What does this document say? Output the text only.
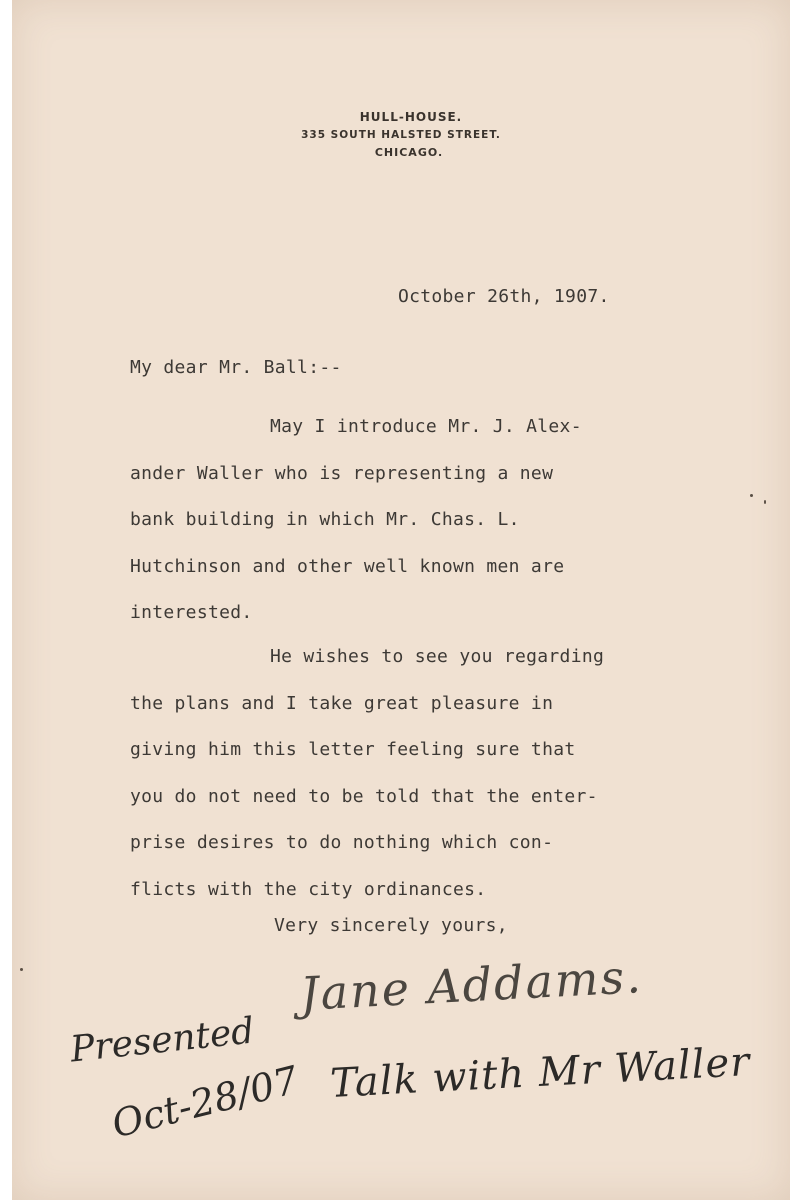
HULL-HOUSE.
335 SOUTH HALSTED STREET.
CHICAGO.
October 26th, 1907.
My dear Mr. Ball:--
May I introduce Mr. J. Alex-
ander Waller who is representing a new
bank building in which Mr. Chas. L.
Hutchinson and other well known men are
interested.
He wishes to see you regarding
the plans and I take great pleasure in
giving him this letter feeling sure that
you do not need to be told that the enter-
prise desires to do nothing which con-
flicts with the city ordinances.
Very sincerely yours,
Jane Addams.
Presented
Oct-28/07 Talk with Mr Waller
